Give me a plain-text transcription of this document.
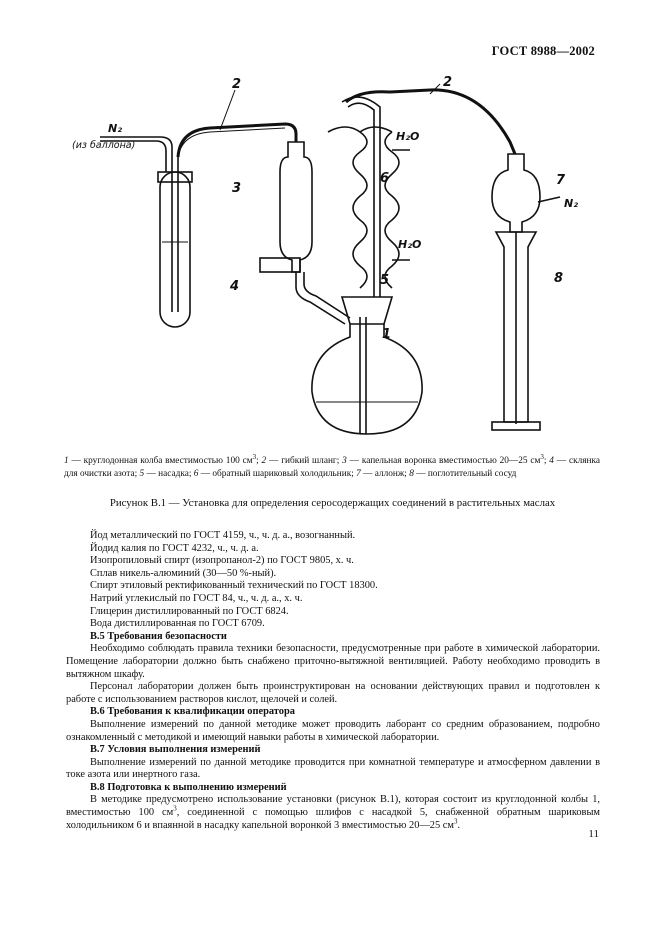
ГОСТ 8988—2002
2	2
3
4
6
5
1
7
8
N₂
(из баллона)
H₂O
H₂O
N₂
1 — круглодонная колба вместимостью 100 $см^3$; 2 — гибкий шланг; 3 — капельная воронка вместимостью 20—25 $см^3$; 4 — склянка для очистки азота; 5 — насадка; 6 — обратный шариковый холодильник; 7 — аллонж; 8 — поглотительный сосуд
Рисунок В.1 — Установка для определения серосодержащих соединений в растительных маслах

Йод металлический по ГОСТ 4159, ч., ч. д. а., возогнанный.

Йодид калия по ГОСТ 4232, ч., ч. д. а.

Изопропиловый спирт (изопропанол-2) по ГОСТ 9805, х. ч.

Сплав никель-алюминий (30—50 %-ный).

Спирт этиловый ректификованный технический по ГОСТ 18300.

Натрий углекислый по ГОСТ 84, ч., ч. д. а., х. ч.

Глицерин дистиллированный по ГОСТ 6824.

Вода дистиллированная по ГОСТ 6709.

В.5 Требования безопасности

Необходимо соблюдать правила техники безопасности, предусмотренные при работе в химической лаборатории. Помещение лаборатории должно быть снабжено приточно-вытяжной вентиляцией. Работу необходимо проводить в вытяжном шкафу.

Персонал лаборатории должен быть проинструктирован на основании действующих правил и подготовлен к работе с использованием растворов кислот, щелочей и солей.

В.6 Требования к квалификации оператора

Выполнение измерений по данной методике может проводить лаборант со средним образованием, подробно ознакомленный с методикой и имеющий навыки работы в химической лаборатории.

В.7 Условия выполнения измерений

Выполнение измерений по данной методике проводится при комнатной температуре и атмосферном давлении в токе азота или инертного газа.

В.8 Подготовка к выполнению измерений

В методике предусмотрено использование установки (рисунок В.1), которая состоит из круглодонной колбы 1, вместимостью 100 $см^3$, соединенной с помощью шлифов с насадкой 5, снабженной обратным шариковым холодильником 6 и впаянной в насадку капельной воронкой 3 вместимостью 20—25 $см^3$.

11
